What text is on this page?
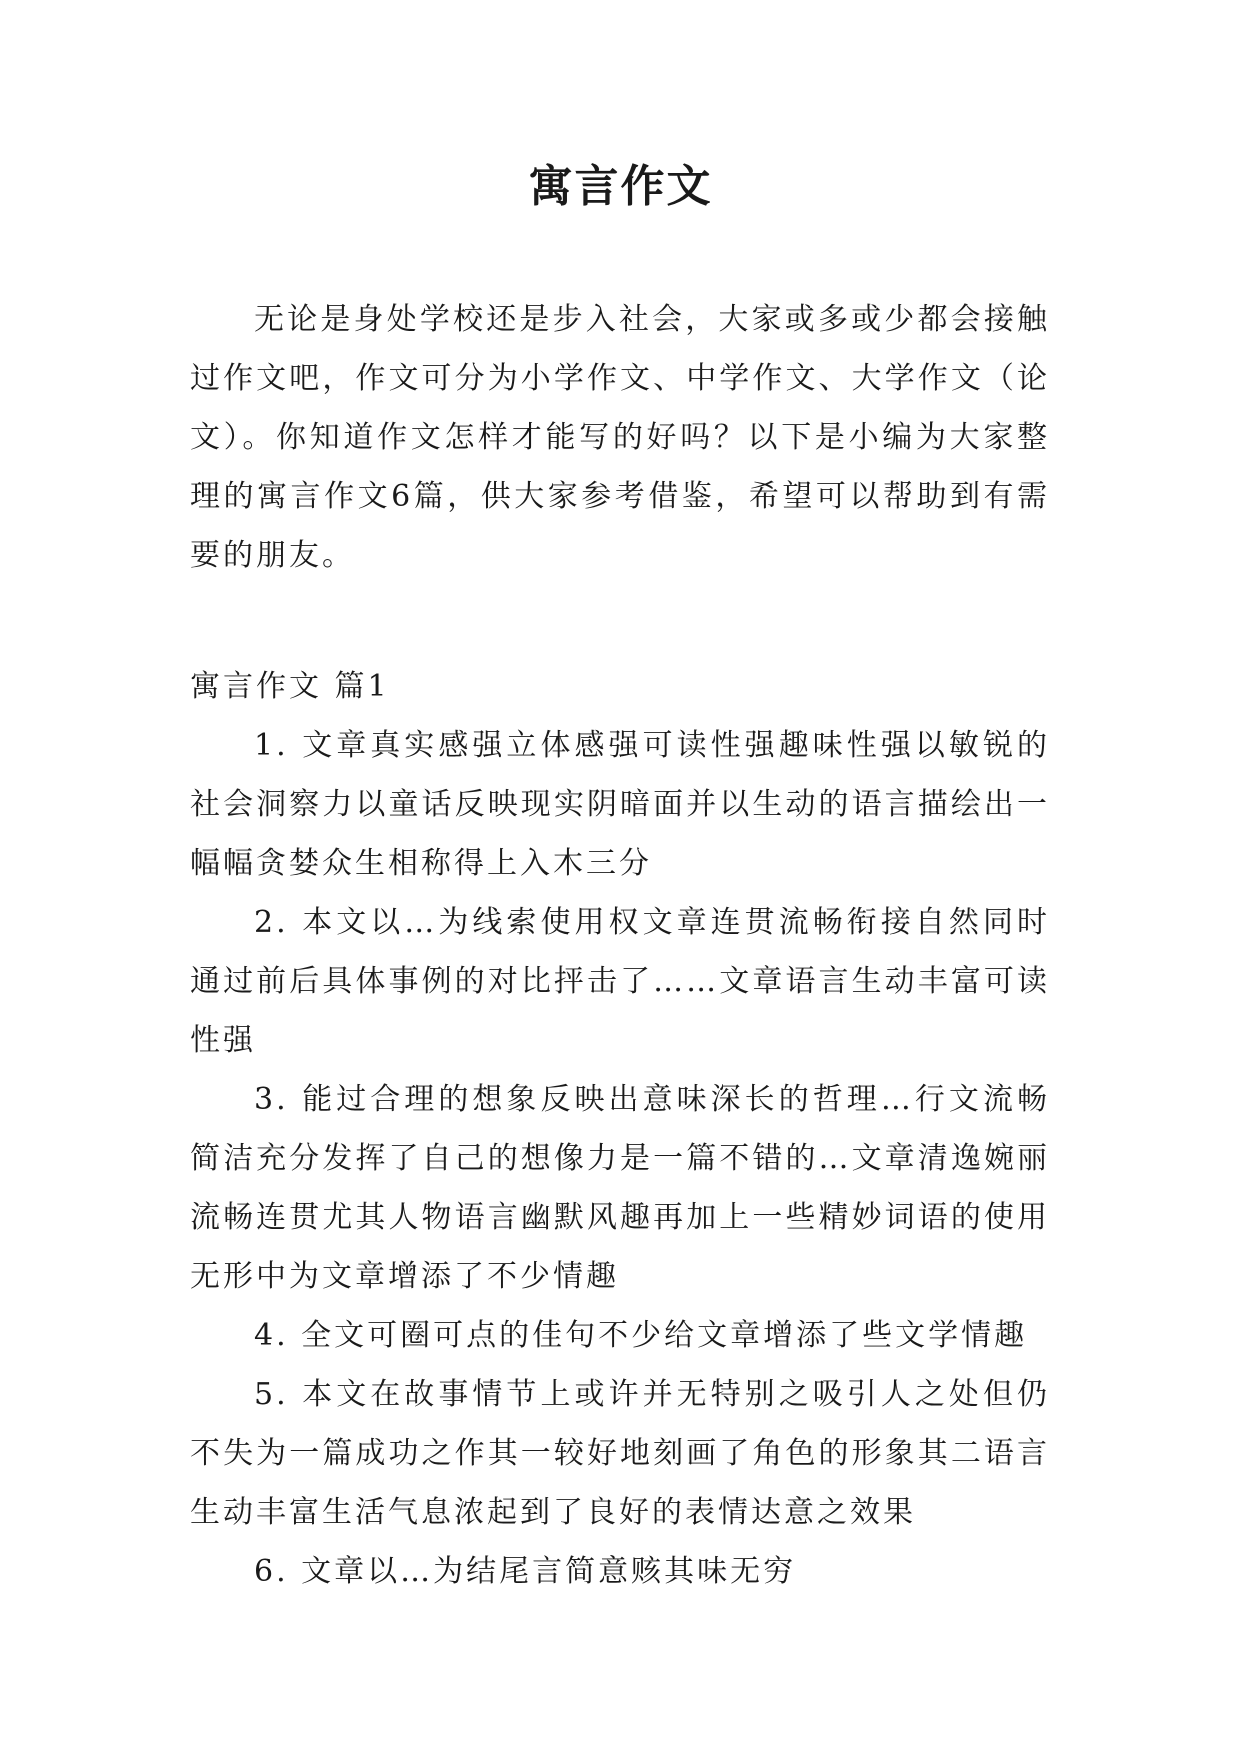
寓言作文

无论是身处学校还是步入社会，大家或多或少都会接触过作文吧，作文可分为小学作文、中学作文、大学作文（论文）。你知道作文怎样才能写的好吗？以下是小编为大家整理的寓言作文6篇，供大家参考借鉴，希望可以帮助到有需要的朋友。

寓言作文 篇1

1. 文章真实感强立体感强可读性强趣味性强以敏锐的社会洞察力以童话反映现实阴暗面并以生动的语言描绘出一幅幅贪婪众生相称得上入木三分

2. 本文以…为线索使用权文章连贯流畅衔接自然同时通过前后具体事例的对比抨击了……文章语言生动丰富可读性强

3. 能过合理的想象反映出意味深长的哲理…行文流畅简洁充分发挥了自己的想像力是一篇不错的…文章清逸婉丽流畅连贯尤其人物语言幽默风趣再加上一些精妙词语的使用无形中为文章增添了不少情趣

4. 全文可圈可点的佳句不少给文章增添了些文学情趣

5. 本文在故事情节上或许并无特别之吸引人之处但仍不失为一篇成功之作其一较好地刻画了角色的形象其二语言生动丰富生活气息浓起到了良好的表情达意之效果

6. 文章以…为结尾言简意赅其味无穷
